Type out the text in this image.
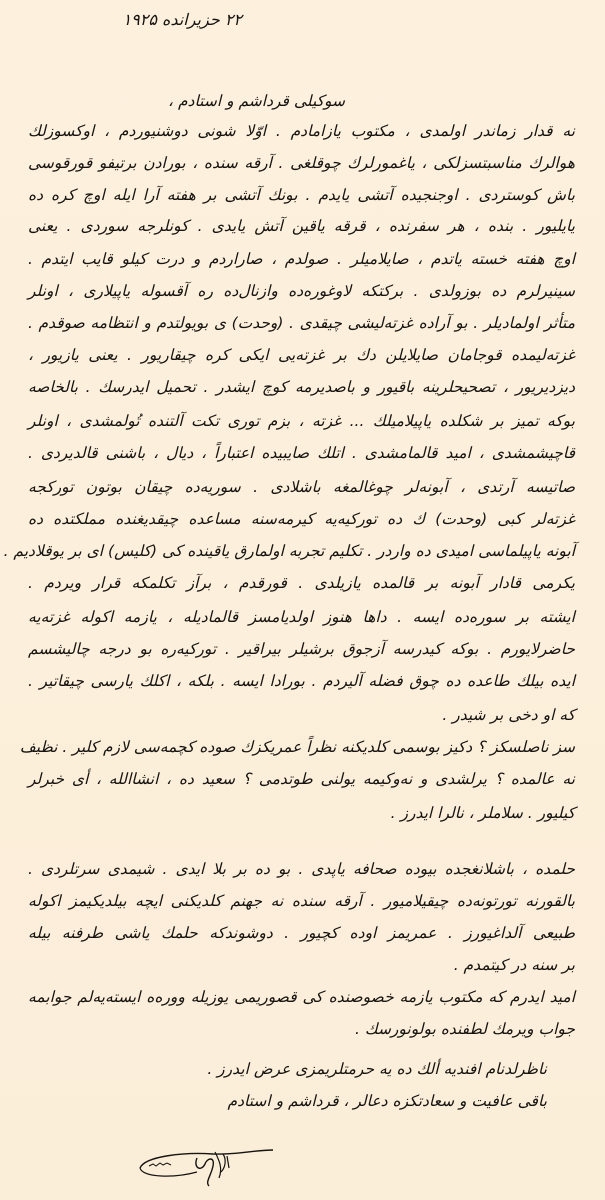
۲۲ حزیرانده ۱۹۲۵
سوکیلی قرداشم و استادم ،
نه قدار زماندر اولمدی ، مکتوب یازامادم . اوّلا شونی دوشنیوردم ، اوکسوزلك
هوالرك مناسبتسزلکی ، یاغمورلرك چوقلغی . آرقه سنده ، بورادن برتیفو قورقوسی
باش کوستردی . اوجنجیده آتشی یایدم . بونك آتشی بر هفته آرا ایله اوچ کره ده
یایلیور . بنده ، هر سفرنده ، قرقه یاقین آتش یایدی . کونلرجه سوردی . یعنی
اوچ هفته خسته یاتدم ، صایلامیلر . صولدم ، صاراردم و درت کیلو قایب ایتدم .
سینیرلرم ده بوزولدی . برکتکه لاوغوره‌ده وازنال‌ده ره آقسوله یاپیلاری ، اونلر
متأثر اولمادیلر . بو آراده غزته‌لیشی چیقدی . (وحدت) ی بویولتدم و انتظامه صوقدم .
غزته‌لیمده قوجامان صایلایلن دك بر غزته‌یی ایکی کره چیقاریور . یعنی یازیور ،
دیزدیریور ، تصحیحلرینه باقیور و باصدیرمه کوچ ایشدر . تحمیل ایدرسك . بالخاصه
بوکه تمیز بر شکلده یاپیلامیلك ... غزته ، بزم توری تکت آلتنده تُولمشدی ، اونلر
قاچیشمشدی ، امید قالمامشدی . اتلك صایبیده اعتباراً ، دیال ، باشنی قالدیردی .
صاتیسه آرتدی ، آبونه‌لر چوغالمغه باشلادی . سوریه‌ده چیقان بوتون تورکجه
غزته‌لر کبی (وحدت) ك ده تورکیه‌یه کیرمه‌سنه مساعده چیقدیغنده مملکتده ده
آبونه یاپیلماسی امیدی ده واردر . تکلیم تجربه اولمارق یاقینده کی (کلیس) ای بر یوقلادیم .
یکرمی قادار آبونه بر قالمده یازیلدی . قورقدم ، برآز تکلمکه قرار ویردم .
ایشته بر سوره‌ده ایسه . داها هنوز اولدیامسز قالمادیله ، یازمه اکوله غزته‌یه
حاضرلایورم . بوکه کیدرسه آزجوق برشیلر بیراقیر . تورکیه‌ره بو درجه چالیشسم
ایده بیلك طاعده ده چوق فضله آلیردم . بورادا ایسه . بلکه ، اکلك یارسی چیقاتیر .
که او دخی بر شیدر .
سز ناصلسکز ؟ دکیز بوسمی کلدیکنه نظراً عمریکزك صوده کچمه‌سی لازم کلیر . نظیف
نه عالمده ؟ یرلشدی و نه‌وکیمه یولنی طوتدمی ؟ سعید ده ، انشاالله ، أی خبرلر
کیلیور . سلاملر ، نالرا ایدرز .
حلمده ، باشلانغجده بیوده صحافه یاپدی . بو ده بر بلا ایدی . شیمدی سرتلردی .
بالقورنه تورتونه‌ده چیقیلامیور . آرقه سنده نه جهنم کلدیکنی ایچه بیلدیکیمز اکوله
طبیعی آلداغیورز . عمریمز اوده کچیور . دوشوندکه حلمك یاشی طرفنه بیله
بر سنه در کیتمدم .
امید ایدرم که مکتوب یازمه خصوصنده کی قصوریمی یوزیله ووره‌ه ایسته‌یه‌لم جوابمه
جواب ویرمك لطفنده بولونورسك .
ناظرلدنام افندیه ألك ده یه حرمتلریمزی عرض ایدرز .
باقی عافیت و سعادتکزه دعالر ، قرداشم و استادم
